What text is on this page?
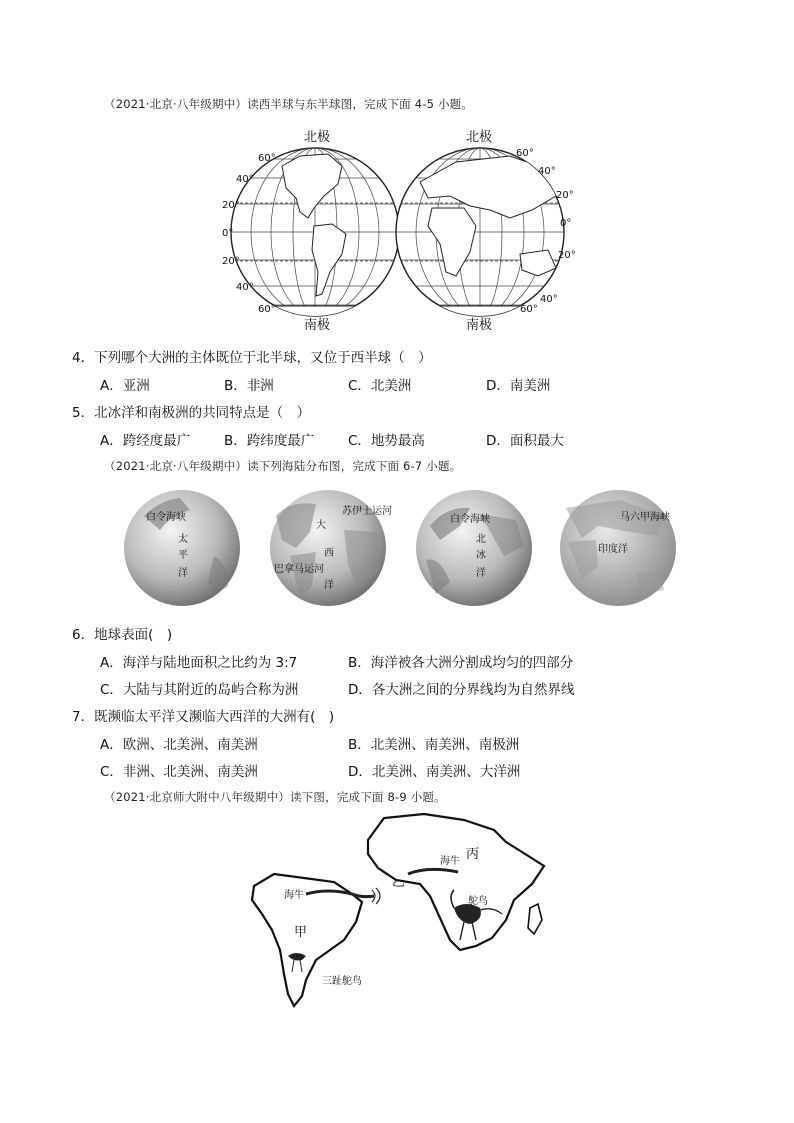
（2021·北京·八年级期中）读西半球与东半球图，完成下面 4-5 小题。
北极
南极
北极
南极
60°
40°
20°
0°
20°
40°
60°
60°
40°
20°
0°
20°
40°
60°
4．下列哪个大洲的主体既位于北半球，又位于西半球（　）
A．亚洲	B．非洲	C．北美洲	D．南美洲
5．北冰洋和南极洲的共同特点是（　）
A．跨经度最广	B．跨纬度最广 C．地势最高	D．面积最大
（2021·北京·八年级期中）读下列海陆分布图，完成下面 6-7 小题。
白令海峡
太
平
洋
苏伊士运河
大
西
洋
巴拿马运河
白令海峡
北
冰
洋
马六甲海峡
印度洋
6．地球表面(　)
A．海洋与陆地面积之比约为 3:7	B．海洋被各大洲分割成均匀的四部分
C．大陆与其附近的岛屿合称为洲	D．各大洲之间的分界线均为自然界线
7．既濒临太平洋又濒临大西洋的大洲有(　)
A．欧洲、北美洲、南美洲	B．北美洲、南美洲、南极洲
C．非洲、北美洲、南美洲	D．北美洲、南美洲、大洋洲
（2021·北京师大附中八年级期中）读下图，完成下面 8-9 小题。
海牛
甲
三趾鸵鸟
乙
海牛
鸵鸟
丙
